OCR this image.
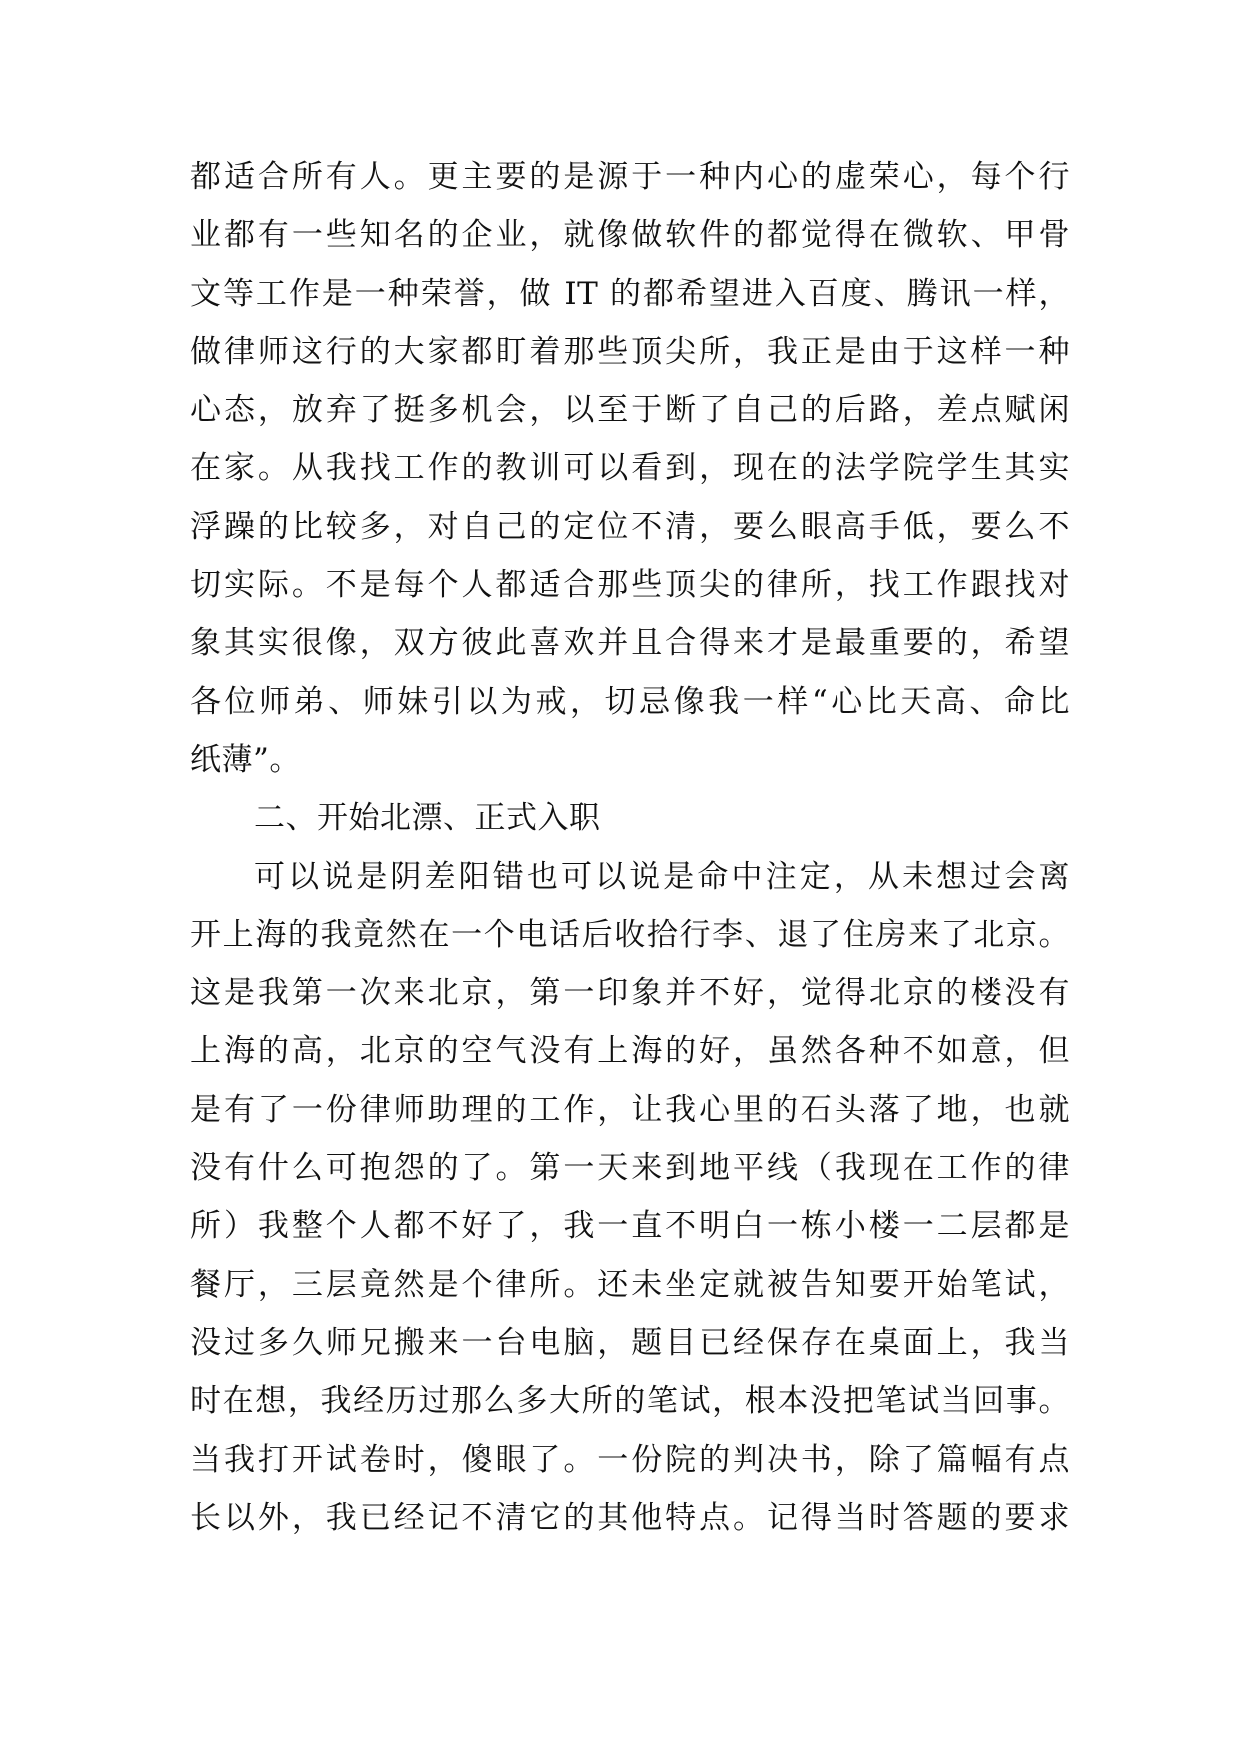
都适合所有人。更主要的是源于一种内心的虚荣心，每个行
业都有一些知名的企业，就像做软件的都觉得在微软、甲骨
文等工作是一种荣誉，做 IT 的都希望进入百度、腾讯一样，
做律师这行的大家都盯着那些顶尖所，我正是由于这样一种
心态，放弃了挺多机会，以至于断了自己的后路，差点赋闲
在家。从我找工作的教训可以看到，现在的法学院学生其实
浮躁的比较多，对自己的定位不清，要么眼高手低，要么不
切实际。不是每个人都适合那些顶尖的律所，找工作跟找对
象其实很像，双方彼此喜欢并且合得来才是最重要的，希望
各位师弟、师妹引以为戒，切忌像我一样“心比天高、命比
纸薄”。
二、开始北漂、正式入职
可以说是阴差阳错也可以说是命中注定，从未想过会离
开上海的我竟然在一个电话后收拾行李、退了住房来了北京。
这是我第一次来北京，第一印象并不好，觉得北京的楼没有
上海的高，北京的空气没有上海的好，虽然各种不如意，但
是有了一份律师助理的工作，让我心里的石头落了地，也就
没有什么可抱怨的了。第一天来到地平线（我现在工作的律
所）我整个人都不好了，我一直不明白一栋小楼一二层都是
餐厅，三层竟然是个律所。还未坐定就被告知要开始笔试，
没过多久师兄搬来一台电脑，题目已经保存在桌面上，我当
时在想，我经历过那么多大所的笔试，根本没把笔试当回事。
当我打开试卷时，傻眼了。一份院的判决书，除了篇幅有点
长以外，我已经记不清它的其他特点。记得当时答题的要求
